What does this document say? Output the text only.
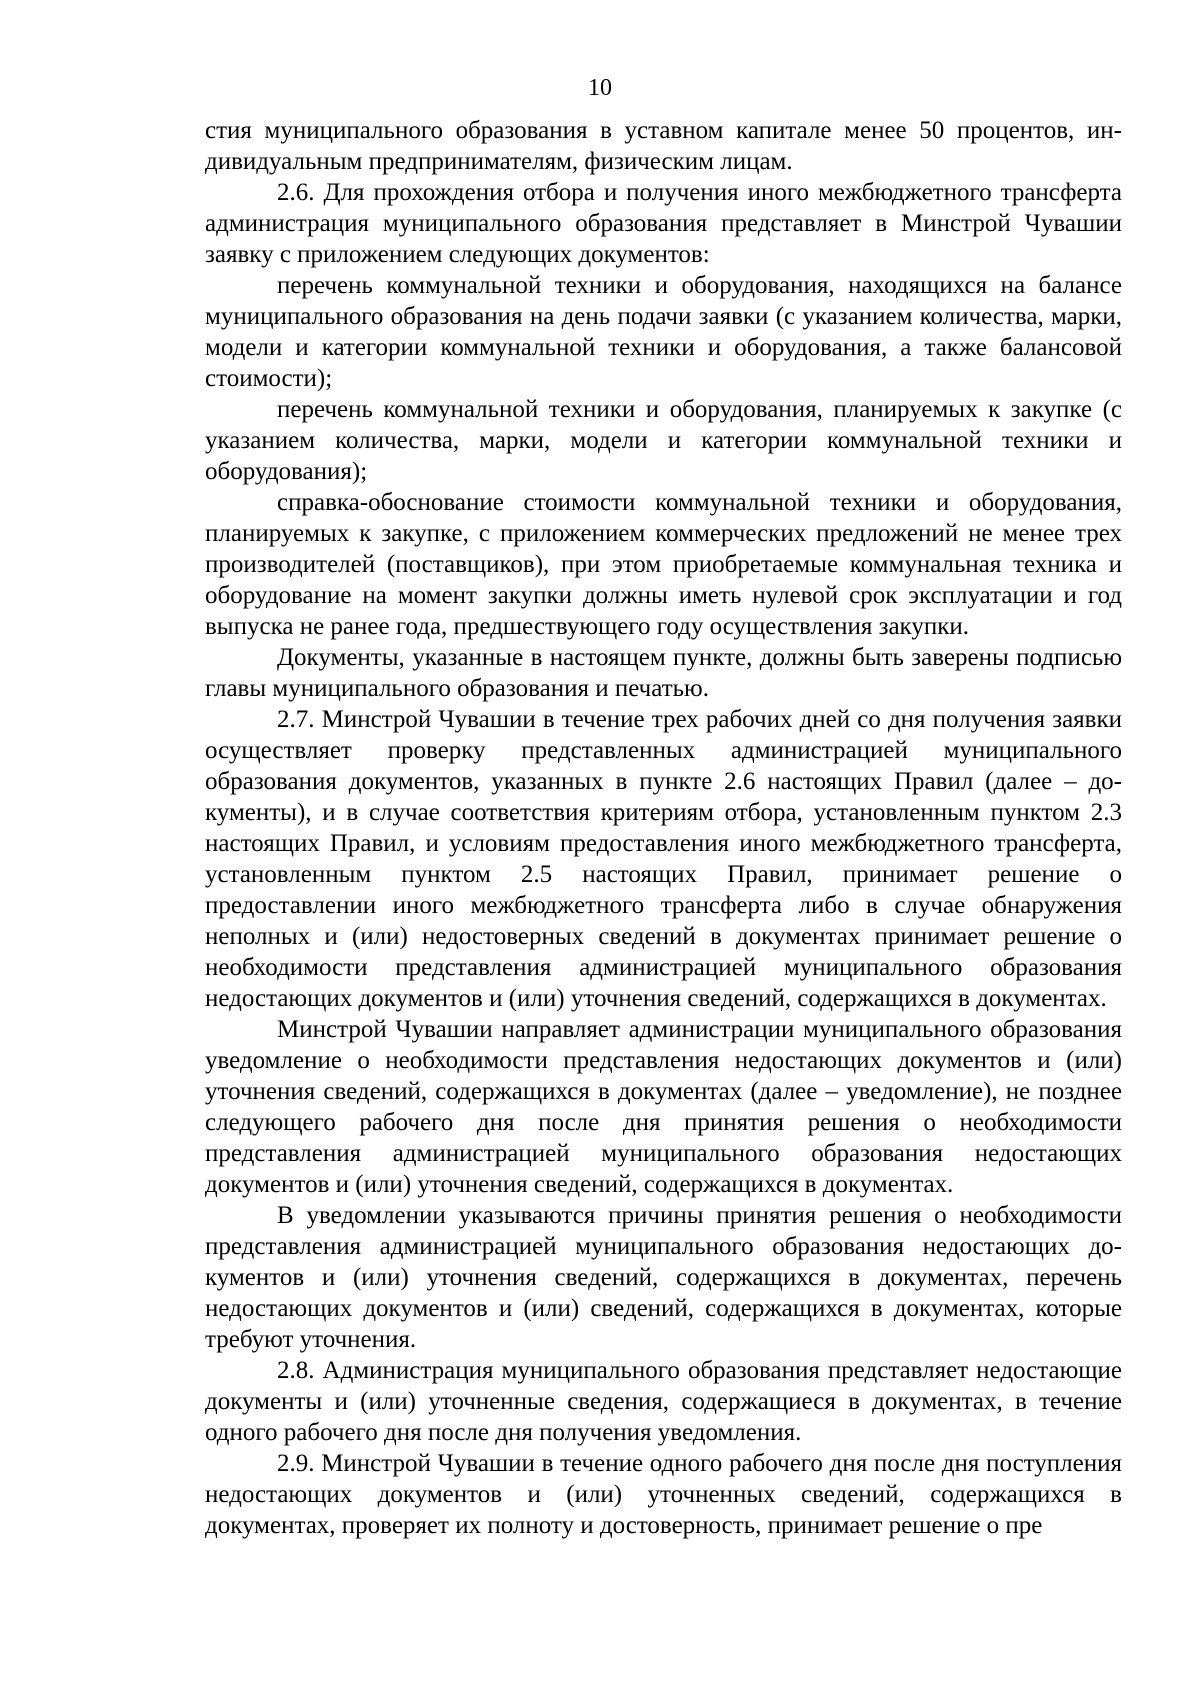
10

стия муниципального образования в уставном капитале менее 50 процентов, индивидуальным предпринимателям, физическим лицам.

2.6. Для прохождения отбора и получения иного межбюджетного трансферта администрация муниципального образования представляет в Минстрой Чувашии заявку с приложением следующих документов:

перечень коммунальной техники и оборудования, находящихся на балансе муниципального образования на день подачи заявки (с указанием количества, марки, модели и категории коммунальной техники и оборудования, а также балансовой стоимости);

перечень коммунальной техники и оборудования, планируемых к закупке (с указанием количества, марки, модели и категории коммунальной техники и оборудования);

справка-обоснование стоимости коммунальной техники и оборудования, планируемых к закупке, с приложением коммерческих предложений не менее трех производителей (поставщиков), при этом приобретаемые коммунальная техника и оборудование на момент закупки должны иметь нулевой срок эксплуатации и год выпуска не ранее года, предшествующего году осуществления закупки.

Документы, указанные в настоящем пункте, должны быть заверены подписью главы муниципального образования и печатью.

2.7. Минстрой Чувашии в течение трех рабочих дней со дня получения заявки осуществляет проверку представленных администрацией муниципального образования документов, указанных в пункте 2.6 настоящих Правил (далее – документы), и в случае соответствия критериям отбора, установленным пунктом 2.3 настоящих Правил, и условиям предоставления иного межбюджетного трансферта, установленным пунктом 2.5 настоящих Правил, принимает решение о предоставлении иного межбюджетного трансферта либо в случае обнаружения неполных и (или) недостоверных сведений в документах принимает решение о необходимости представления администрацией муниципального образования недостающих документов и (или) уточнения сведений, содержащихся в документах.

Минстрой Чувашии направляет администрации муниципального образования уведомление о необходимости представления недостающих документов и (или) уточнения сведений, содержащихся в документах (далее – уведомление), не позднее следующего рабочего дня после дня принятия решения о необходимости представления администрацией муниципального образования недостающих документов и (или) уточнения сведений, содержащихся в документах.

В уведомлении указываются причины принятия решения о необходимости представления администрацией муниципального образования недостающих документов и (или) уточнения сведений, содержащихся в документах, перечень недостающих документов и (или) сведений, содержащихся в документах, которые требуют уточнения.

2.8. Администрация муниципального образования представляет недостающие документы и (или) уточненные сведения, содержащиеся в документах, в течение одного рабочего дня после дня получения уведомления.

2.9. Минстрой Чувашии в течение одного рабочего дня после дня поступления недостающих документов и (или) уточненных сведений, содержащихся в документах, проверяет их полноту и достоверность, принимает решение о пре
